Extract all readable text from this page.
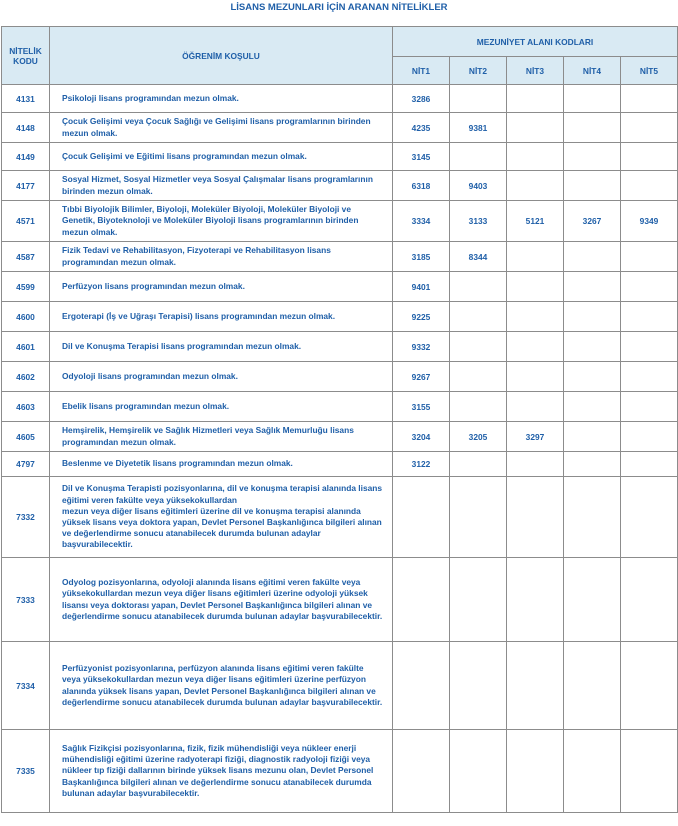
LİSANS MEZUNLARI İÇİN ARANAN NİTELİKLER
NİTELİK
KODU	ÖĞRENİM KOŞULU	MEZUNİYET ALANI KODLARI				
		NİT1	NİT2	NİT3	NİT4	NİT5
4131	Psikoloji lisans programından mezun olmak.	3286				
4148	Çocuk Gelişimi veya Çocuk Sağlığı ve Gelişimi lisans programlarının birinden mezun olmak.	4235	9381			
4149	Çocuk Gelişimi ve Eğitimi lisans programından mezun olmak.	3145				
4177	Sosyal Hizmet, Sosyal Hizmetler veya Sosyal Çalışmalar lisans programlarının birinden mezun olmak.	6318	9403			
4571	Tıbbi Biyolojik Bilimler, Biyoloji, Moleküler Biyoloji, Moleküler Biyoloji ve Genetik, Biyoteknoloji ve Moleküler Biyoloji lisans programlarının birinden mezun olmak.	3334	3133	5121	3267	9349
4587	Fizik Tedavi ve Rehabilitasyon, Fizyoterapi ve Rehabilitasyon lisans programından mezun olmak.	3185	8344			
4599	Perfüzyon lisans programından mezun olmak.	9401				
4600	Ergoterapi (İş ve Uğraşı Terapisi) lisans programından mezun olmak.	9225				
4601	Dil ve Konuşma Terapisi lisans programından mezun olmak.	9332				
4602	Odyoloji lisans programından mezun olmak.	9267				
4603	Ebelik lisans programından mezun olmak.	3155				
4605	Hemşirelik, Hemşirelik ve Sağlık Hizmetleri veya Sağlık Memurluğu lisans programından mezun olmak.	3204	3205	3297		
4797	Beslenme ve Diyetetik lisans programından mezun olmak.	3122				
7332	Dil ve Konuşma Terapisti pozisyonlarına, dil ve konuşma terapisi alanında lisans eğitimi veren fakülte veya yüksekokullardan
mezun veya diğer lisans eğitimleri üzerine dil ve konuşma terapisi alanında yüksek lisans veya doktora yapan, Devlet Personel Başkanlığınca bilgileri alınan ve değerlendirme sonucu atanabilecek durumda bulunan adaylar başvurabilecektir.					
7333	Odyolog pozisyonlarına, odyoloji alanında lisans eğitimi veren fakülte veya yüksekokullardan mezun veya diğer lisans eğitimleri üzerine odyoloji yüksek lisansı veya doktorası yapan, Devlet Personel Başkanlığınca bilgileri alınan ve değerlendirme sonucu atanabilecek durumda bulunan adaylar başvurabilecektir.					
7334	Perfüzyonist pozisyonlarına, perfüzyon alanında lisans eğitimi veren fakülte veya yüksekokullardan mezun veya diğer lisans eğitimleri üzerine perfüzyon alanında yüksek lisans yapan, Devlet Personel Başkanlığınca bilgileri alınan ve değerlendirme sonucu atanabilecek durumda bulunan adaylar başvurabilecektir.					
7335	Sağlık Fizikçisi pozisyonlarına, fizik, fizik mühendisliği veya nükleer enerji mühendisliği eğitimi üzerine radyoterapi fiziği, diagnostik radyoloji fiziği veya nükleer tıp fiziği dallarının birinde yüksek lisans mezunu olan, Devlet Personel Başkanlığınca bilgileri alınan ve değerlendirme sonucu atanabilecek durumda bulunan adaylar başvurabilecektir.					
